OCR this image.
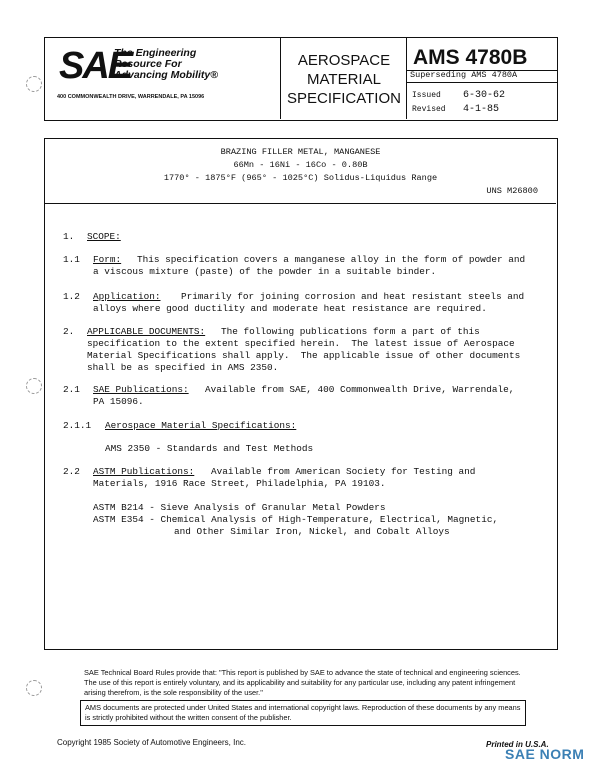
SAE
The Engineering
Resource For
Advancing Mobility®
400 COMMONWEALTH DRIVE, WARRENDALE, PA 15096
AEROSPACE
MATERIAL
SPECIFICATION
AMS 4780B
Superseding AMS 4780A
Issued 6-30-62
Revised 4-1-85
BRAZING FILLER METAL, MANGANESE
66Mn - 16Ni - 16Co - 0.80B
1770° - 1875°F (965° - 1025°C) Solidus-Liquidus Range
UNS M26800
1. SCOPE:
1.1 Form: This specification covers a manganese alloy in the form of powder and
a viscous mixture (paste) of the powder in a suitable binder.
1.2 Application: Primarily for joining corrosion and heat resistant steels and
alloys where good ductility and moderate heat resistance are required.
2. APPLICABLE DOCUMENTS: The following publications form a part of this
specification to the extent specified herein.  The latest issue of Aerospace
Material Specifications shall apply.  The applicable issue of other documents
shall be as specified in AMS 2350.
2.1 SAE Publications: Available from SAE, 400 Commonwealth Drive, Warrendale,
PA 15096.
2.1.1 Aerospace Material Specifications:
AMS 2350 - Standards and Test Methods
2.2 ASTM Publications: Available from American Society for Testing and
Materials, 1916 Race Street, Philadelphia, PA 19103.
ASTM B214 - Sieve Analysis of Granular Metal Powders
ASTM E354 - Chemical Analysis of High-Temperature, Electrical, Magnetic,
and Other Similar Iron, Nickel, and Cobalt Alloys
SAE Technical Board Rules provide that: "This report is published by SAE to advance the state of technical and engineering sciences. The use of this report is entirely voluntary, and its applicability and suitability for any particular use, including any patent infringement arising therefrom, is the sole responsibility of the user."
AMS documents are protected under United States and international copyright laws. Reproduction of these documents by any means is strictly prohibited without the written consent of the publisher.
Copyright 1985 Society of Automotive Engineers, Inc.	Printed in U.S.A.
SAE NORM
